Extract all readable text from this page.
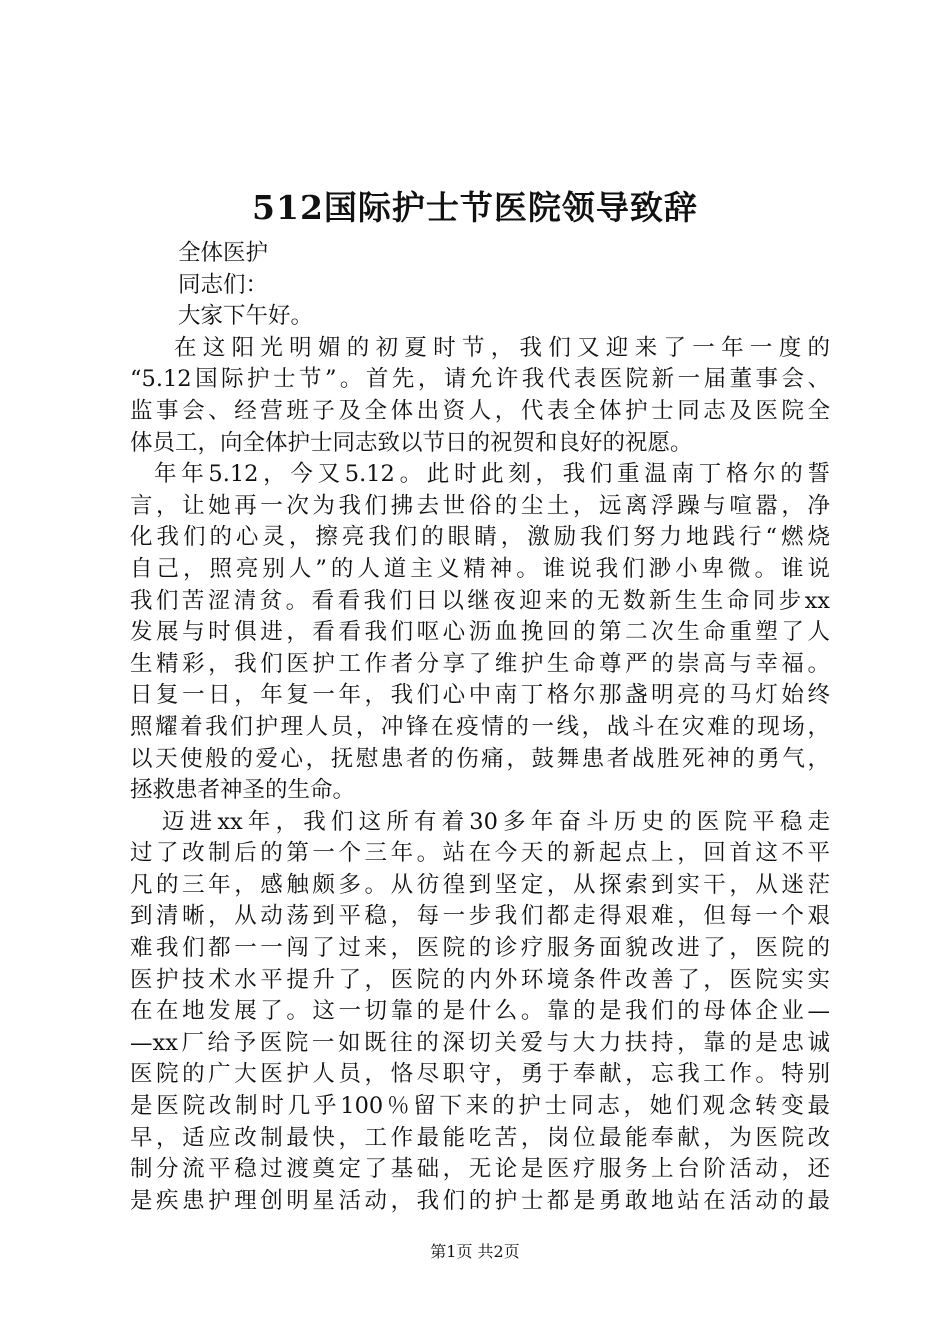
512国际护士节医院领导致辞
全体医护
同志们：
大家下午好。
在这阳光明媚的初夏时节，我们又迎来了一年一度的
“5.12国际护士节”。首先，请允许我代表医院新一届董事会、
监事会、经营班子及全体出资人，代表全体护士同志及医院全
体员工，向全体护士同志致以节日的祝贺和良好的祝愿。
年年5.12，今又5.12。此时此刻，我们重温南丁格尔的誓
言，让她再一次为我们拂去世俗的尘土，远离浮躁与喧嚣，净
化我们的心灵，擦亮我们的眼睛，激励我们努力地践行“燃烧
自己，照亮别人”的人道主义精神。谁说我们渺小卑微。谁说
我们苦涩清贫。看看我们日以继夜迎来的无数新生生命同步xx
发展与时俱进，看看我们呕心沥血挽回的第二次生命重塑了人
生精彩，我们医护工作者分享了维护生命尊严的崇高与幸福。
日复一日，年复一年，我们心中南丁格尔那盏明亮的马灯始终
照耀着我们护理人员，冲锋在疫情的一线，战斗在灾难的现场，
以天使般的爱心，抚慰患者的伤痛，鼓舞患者战胜死神的勇气，
拯救患者神圣的生命。
迈进xx年，我们这所有着30多年奋斗历史的医院平稳走
过了改制后的第一个三年。站在今天的新起点上，回首这不平
凡的三年，感触颇多。从彷徨到坚定，从探索到实干，从迷茫
到清晰，从动荡到平稳，每一步我们都走得艰难，但每一个艰
难我们都一一闯了过来，医院的诊疗服务面貌改进了，医院的
医护技术水平提升了，医院的内外环境条件改善了，医院实实
在在地发展了。这一切靠的是什么。靠的是我们的母体企业—
—xx厂给予医院一如既往的深切关爱与大力扶持，靠的是忠诚
医院的广大医护人员，恪尽职守，勇于奉献，忘我工作。特别
是医院改制时几乎100％留下来的护士同志，她们观念转变最
早，适应改制最快，工作最能吃苦，岗位最能奉献，为医院改
制分流平稳过渡奠定了基础，无论是医疗服务上台阶活动，还
是疾患护理创明星活动，我们的护士都是勇敢地站在活动的最
第1页 共2页
